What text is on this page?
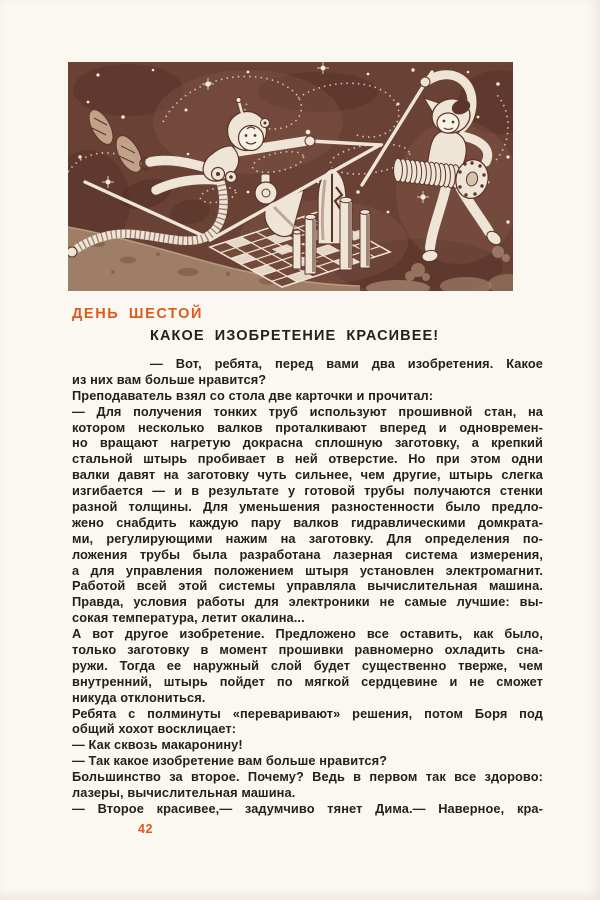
ДЕНЬ ШЕСТОЙ
КАКОЕ ИЗОБРЕТЕНИЕ КРАСИВЕЕ!
— Вот, ребята, перед вами два изобретения. Какое
из них вам больше нравится?
Преподаватель взял со стола две карточки и прочитал:
— Для получения тонких труб используют прошивной стан, на
котором несколько валков проталкивают вперед и одновремен-
но вращают нагретую докрасна сплошную заготовку, а крепкий
стальной штырь пробивает в ней отверстие. Но при этом одни
валки давят на заготовку чуть сильнее, чем другие, штырь слегка
изгибается — и в результате у готовой трубы получаются стенки
разной толщины. Для уменьшения разностенности было предло-
жено снабдить каждую пару валков гидравлическими домкрата-
ми, регулирующими нажим на заготовку. Для определения по-
ложения трубы была разработана лазерная система измерения,
а для управления положением штыря установлен электромагнит.
Работой всей этой системы управляла вычислительная машина.
Правда, условия работы для электроники не самые лучшие: вы-
сокая температура, летит окалина...
А вот другое изобретение. Предложено все оставить, как было,
только заготовку в момент прошивки равномерно охладить сна-
ружи. Тогда ее наружный слой будет существенно тверже, чем
внутренний, штырь пойдет по мягкой сердцевине и не сможет
никуда отклониться.
Ребята с полминуты «переваривают» решения, потом Боря под
общий хохот восклицает:
— Как сквозь макаронину!
— Так какое изобретение вам больше нравится?
Большинство за второе. Почему? Ведь в первом так все здорово:
лазеры, вычислительная машина.
— Второе красивее,— задумчиво тянет Дима.— Наверное, кра-
42
